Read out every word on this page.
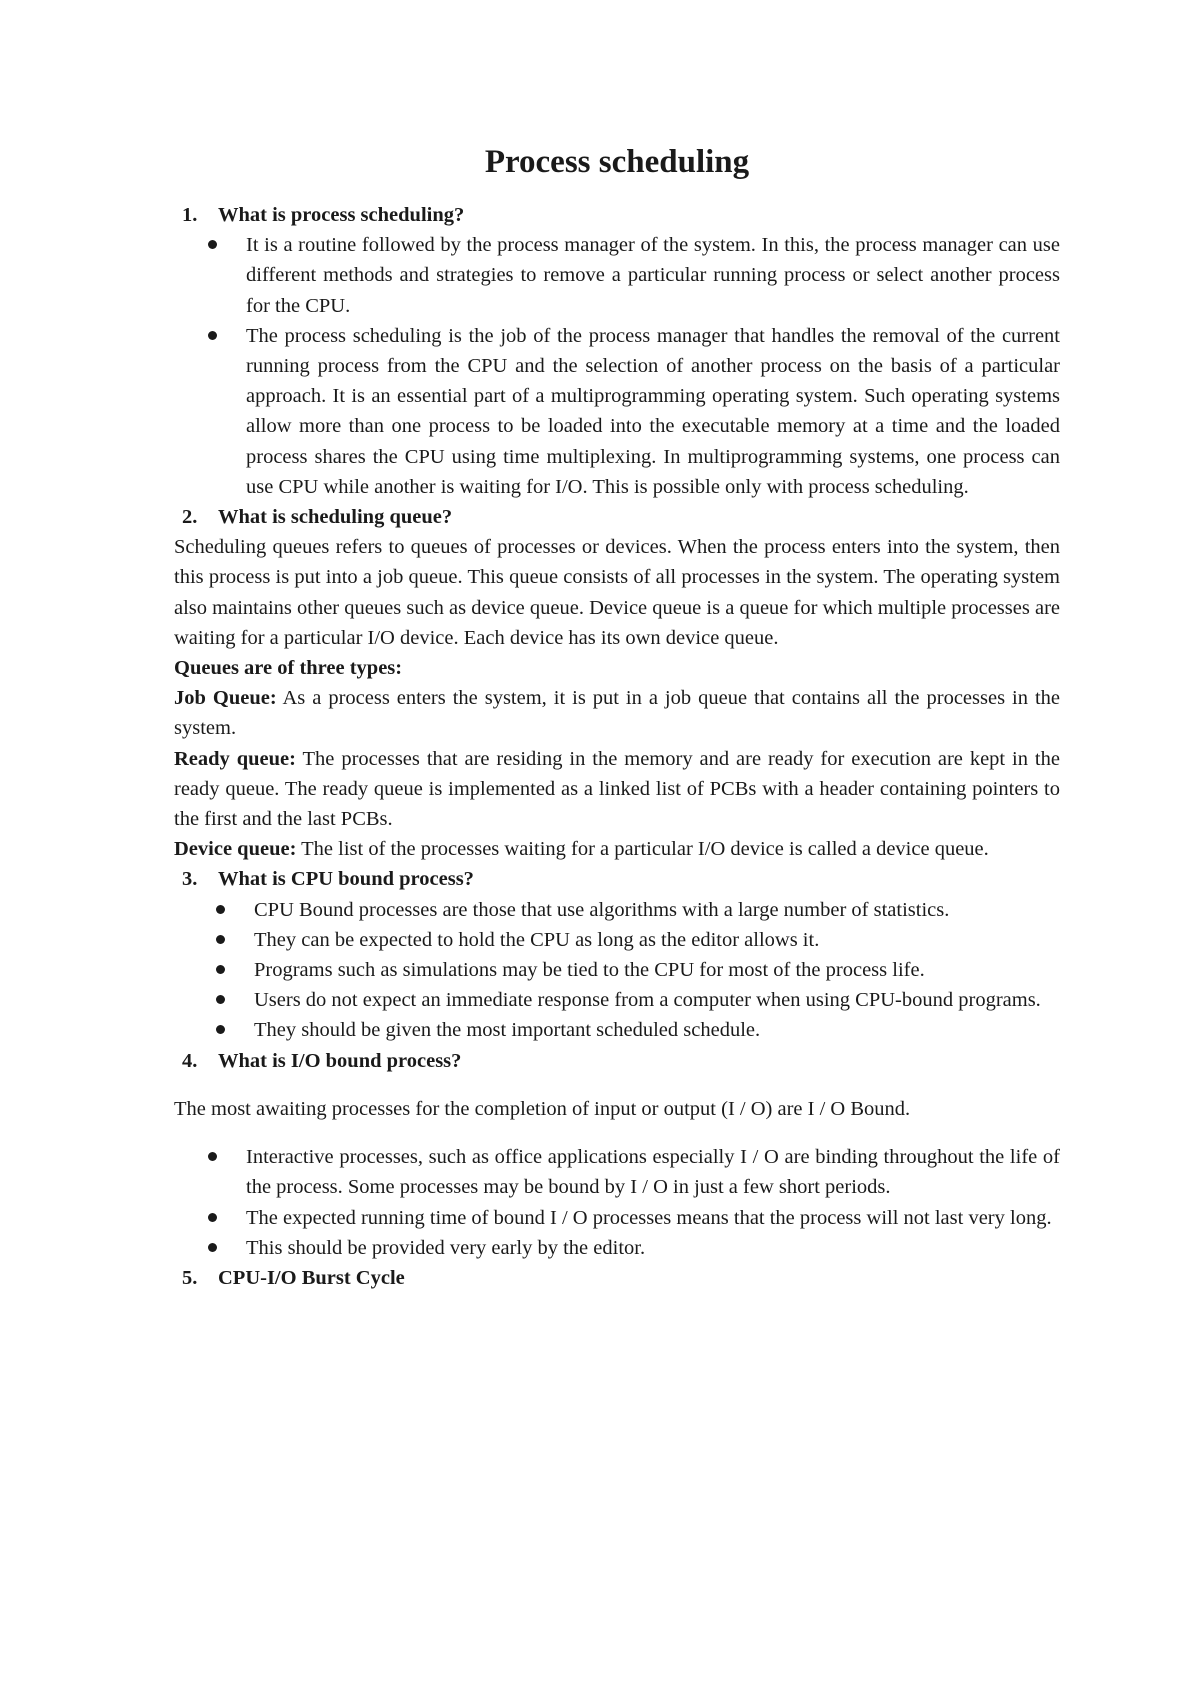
Process scheduling

1. What is process scheduling?

It is a routine followed by the process manager of the system. In this, the process manager can use different methods and strategies to remove a particular running process or select another process for the CPU.
The process scheduling is the job of the process manager that handles the removal of the current running process from the CPU and the selection of another process on the basis of a particular approach. It is an essential part of a multiprogramming operating system. Such operating systems allow more than one process to be loaded into the executable memory at a time and the loaded process shares the CPU using time multiplexing. In multiprogramming systems, one process can use CPU while another is waiting for I/O. This is possible only with process scheduling.

2. What is scheduling queue?

Scheduling queues refers to queues of processes or devices. When the process enters into the system, then this process is put into a job queue. This queue consists of all processes in the system. The operating system also maintains other queues such as device queue. Device queue is a queue for which multiple processes are waiting for a particular I/O device. Each device has its own device queue.

Queues are of three types:

Job Queue: As a process enters the system, it is put in a job queue that contains all the processes in the system.

Ready queue: The processes that are residing in the memory and are ready for execution are kept in the ready queue. The ready queue is implemented as a linked list of PCBs with a header containing pointers to the first and the last PCBs.

Device queue: The list of the processes waiting for a particular I/O device is called a device queue.

3. What is CPU bound process?

CPU Bound processes are those that use algorithms with a large number of statistics.
They can be expected to hold the CPU as long as the editor allows it.
Programs such as simulations may be tied to the CPU for most of the process life.
Users do not expect an immediate response from a computer when using CPU-bound programs.
They should be given the most important scheduled schedule.

4. What is I/O bound process?

The most awaiting processes for the completion of input or output (I / O) are I / O Bound.

Interactive processes, such as office applications especially I / O are binding throughout the life of the process. Some processes may be bound by I / O in just a few short periods.
The expected running time of bound I / O processes means that the process will not last very long.
This should be provided very early by the editor.

5. CPU-I/O Burst Cycle
